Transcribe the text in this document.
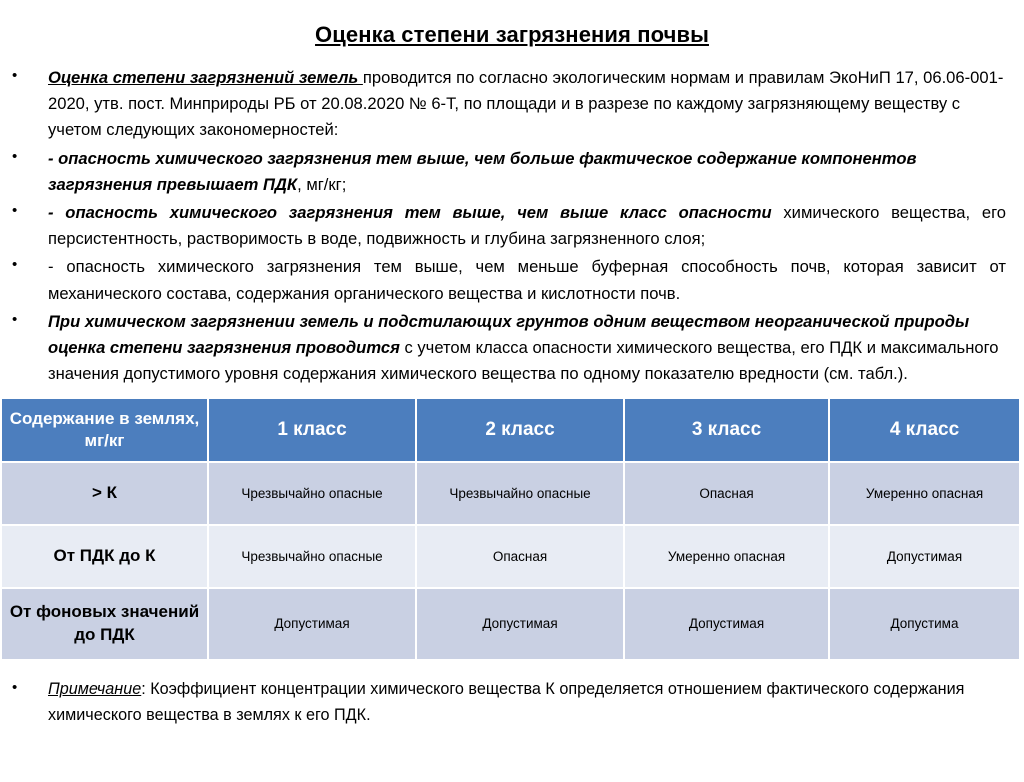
Оценка степени загрязнения почвы
• Оценка степени загрязнений земель проводится по согласно экологическим нормам и правилам ЭкоНиП 17, 06.06-001-2020, утв. пост. Минприроды РБ от 20.08.2020 № 6-Т, по площади и в разрезе по каждому загрязняющему веществу с учетом следующих закономерностей:
• - опасность химического загрязнения тем выше, чем больше фактическое содержание компонентов загрязнения превышает ПДК, мг/кг;
• - опасность химического загрязнения тем выше, чем выше класс опасности химического вещества, его персистентность, растворимость в воде, подвижность и глубина загрязненного слоя;
• - опасность химического загрязнения тем выше, чем меньше буферная способность почв, которая зависит от механического состава, содержания органического вещества и кислотности почв.
• При химическом загрязнении земель и подстилающих грунтов одним веществом неорганической природы оценка степени загрязнения проводится с учетом класса опасности химического вещества, его ПДК и максимального значения допустимого уровня содержания химического вещества по одному показателю вредности (см. табл.).
Содержание в землях, мг/кг	1 класс	2 класс	3 класс	4 класс
> К	Чрезвычайно опасные	Чрезвычайно опасные	Опасная	Умеренно опасная
От ПДК до К	Чрезвычайно опасные	Опасная	Умеренно опасная	Допустимая
От фоновых значений до ПДК	Допустимая	Допустимая	Допустимая	Допустима
• Примечание: Коэффициент концентрации химического вещества К определяется отношением фактического содержания химического вещества в землях к его ПДК.
